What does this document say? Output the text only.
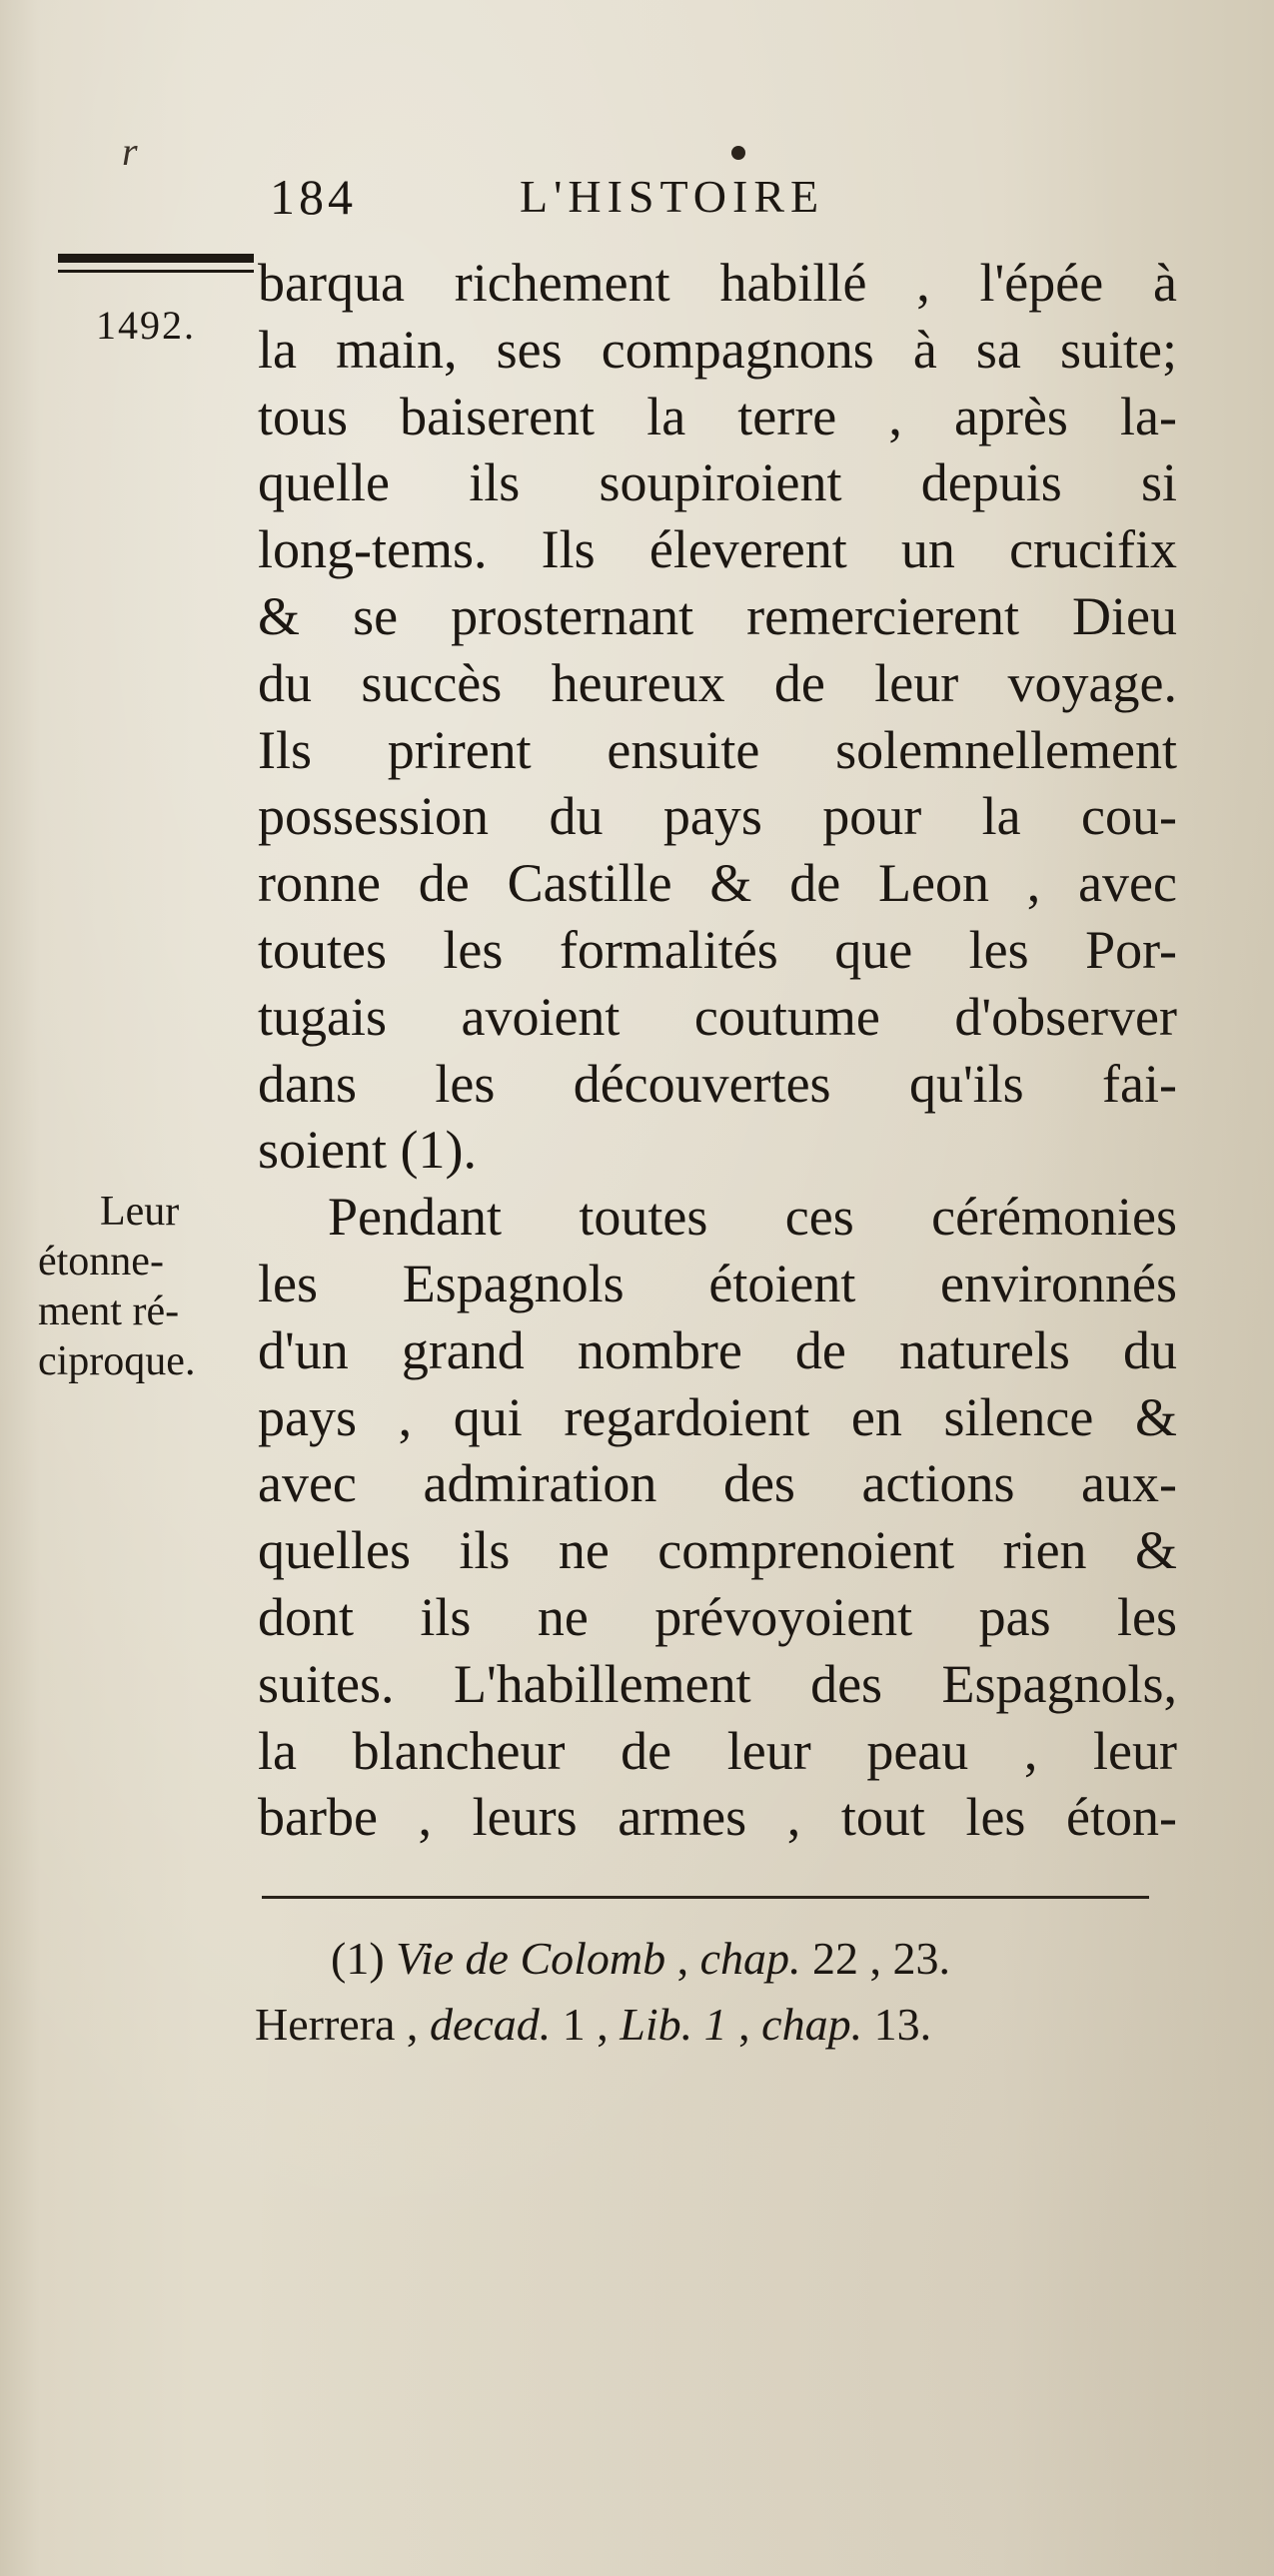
r
184	L'HISTOIRE
1492.
Leur
étonne-
ment ré-
ciproque.
barqua richement habillé , l'épée à
la main, ses compagnons à sa suite;
tous baiserent la terre , après la-
quelle ils soupiroient depuis si
long-tems. Ils éleverent un crucifix
& se prosternant remercierent Dieu
du succès heureux de leur voyage.
Ils prirent ensuite solemnellement
possession du pays pour la cou-
ronne de Castille & de Leon , avec
toutes les formalités que les Por-
tugais avoient coutume d'observer
dans les découvertes qu'ils fai-
soient (1).
Pendant toutes ces cérémonies
les Espagnols étoient environnés
d'un grand nombre de naturels du
pays , qui regardoient en silence &
avec admiration des actions aux-
quelles ils ne comprenoient rien &
dont ils ne prévoyoient pas les
suites. L'habillement des Espagnols,
la blancheur de leur peau , leur
barbe , leurs armes , tout les éton-
(1) Vie de Colomb , chap. 22 , 23.
Herrera , decad. 1 , Lib. 1 , chap. 13.
